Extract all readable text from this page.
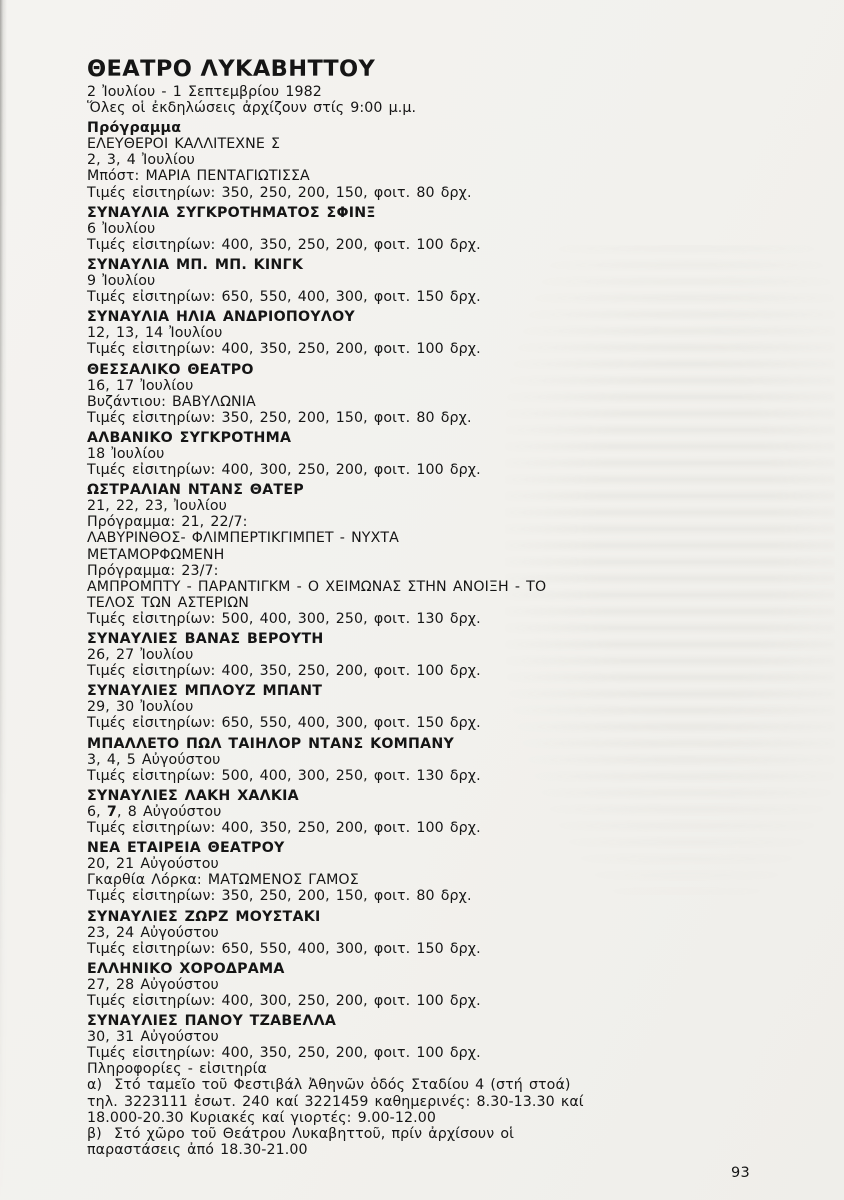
ΘΕΑΤΡΟ ΛΥΚΑΒΗΤΤΟΥ
2 Ἰουλίου - 1 Σεπτεμβρίου 1982
Ὅλες οἱ ἐκδηλώσεις ἀρχίζουν στίς 9:00 μ.μ.
Πρόγραμμα
ΕΛΕΥΘΕΡΟΙ ΚΑΛΛΙΤΕΧΝΕ Σ
2, 3, 4 Ἰουλίου
Μπόστ: ΜΑΡΙΑ ΠΕΝΤΑΓΙΩΤΙΣΣΑ
Τιμές εἰσιτηρίων: 350, 250, 200, 150, φοιτ. 80 δρχ.
ΣΥΝΑΥΛΙΑ ΣΥΓΚΡΟΤΗΜΑΤΟΣ ΣΦΙΝΞ
6 Ἰουλίου
Τιμές εἰσιτηρίων: 400, 350, 250, 200, φοιτ. 100 δρχ.
ΣΥΝΑΥΛΙΑ ΜΠ. ΜΠ. ΚΙΝΓΚ
9 Ἰουλίου
Τιμές εἰσιτηρίων: 650, 550, 400, 300, φοιτ. 150 δρχ.
ΣΥΝΑΥΛΙΑ ΗΛΙΑ ΑΝΔΡΙΟΠΟΥΛΟΥ
12, 13, 14 Ἰουλίου
Τιμές εἰσιτηρίων: 400, 350, 250, 200, φοιτ. 100 δρχ.
ΘΕΣΣΑΛΙΚΟ ΘΕΑΤΡΟ
16, 17 Ἰουλίου
Βυζάντιου: ΒΑΒΥΛΩΝΙΑ
Τιμές εἰσιτηρίων: 350, 250, 200, 150, φοιτ. 80 δρχ.
ΑΛΒΑΝΙΚΟ ΣΥΓΚΡΟΤΗΜΑ
18 Ἰουλίου
Τιμές εἰσιτηρίων: 400, 300, 250, 200, φοιτ. 100 δρχ.
ΩΣΤΡΑΛΙΑΝ ΝΤΑΝΣ ΘΑΤΕΡ
21, 22, 23, Ἰουλίου
Πρόγραμμα: 21, 22/7:
ΛΑΒΥΡΙΝΘΟΣ- ΦΛΙΜΠΕΡΤΙΚΓΙΜΠΕΤ - ΝΥΧΤΑ
ΜΕΤΑΜΟΡΦΩΜΕΝΗ
Πρόγραμμα: 23/7:
ΑΜΠΡΟΜΠΤΥ - ΠΑΡΑΝΤΙΓΚΜ - Ο ΧΕΙΜΩΝΑΣ ΣΤΗΝ ΑΝΟΙΞΗ - ΤΟ
ΤΕΛΟΣ ΤΩΝ ΑΣΤΕΡΙΩΝ
Τιμές εἰσιτηρίων: 500, 400, 300, 250, φοιτ. 130 δρχ.
ΣΥΝΑΥΛΙΕΣ ΒΑΝΑΣ ΒΕΡΟΥΤΗ
26, 27 Ἰουλίου
Τιμές εἰσιτηρίων: 400, 350, 250, 200, φοιτ. 100 δρχ.
ΣΥΝΑΥΛΙΕΣ ΜΠΛΟΥΖ ΜΠΑΝΤ
29, 30 Ἰουλίου
Τιμές εἰσιτηρίων: 650, 550, 400, 300, φοιτ. 150 δρχ.
ΜΠΑΛΛΕΤΟ ΠΩΛ ΤΑΙΗΛΟΡ ΝΤΑΝΣ ΚΟΜΠΑΝΥ
3, 4, 5 Αὐγούστου
Τιμές εἰσιτηρίων: 500, 400, 300, 250, φοιτ. 130 δρχ.
ΣΥΝΑΥΛΙΕΣ ΛΑΚΗ ΧΑΛΚΙΑ
6, 7, 8 Αὐγούστου
Τιμές εἰσιτηρίων: 400, 350, 250, 200, φοιτ. 100 δρχ.
ΝΕΑ ΕΤΑΙΡΕΙΑ ΘΕΑΤΡΟΥ
20, 21 Αὐγούστου
Γκαρθία Λόρκα: ΜΑΤΩΜΕΝΟΣ ΓΑΜΟΣ
Τιμές εἰσιτηρίων: 350, 250, 200, 150, φοιτ. 80 δρχ.
ΣΥΝΑΥΛΙΕΣ ΖΩΡΖ ΜΟΥΣΤΑΚΙ
23, 24 Αὐγούστου
Τιμές εἰσιτηρίων: 650, 550, 400, 300, φοιτ. 150 δρχ.
ΕΛΛΗΝΙΚΟ ΧΟΡΟΔΡΑΜΑ
27, 28 Αὐγούστου
Τιμές εἰσιτηρίων: 400, 300, 250, 200, φοιτ. 100 δρχ.
ΣΥΝΑΥΛΙΕΣ ΠΑΝΟΥ ΤΖΑΒΕΛΛΑ
30, 31 Αὐγούστου
Τιμές εἰσιτηρίων: 400, 350, 250, 200, φοιτ. 100 δρχ.
Πληροφορίες - εἰσιτηρία
α)  Στό ταμεῖο τοῦ Φεστιβάλ Ἀθηνῶν ὁδός Σταδίου 4 (στή στοά)
τηλ. 3223111 ἐσωτ. 240 καί 3221459 καθημερινές: 8.30-13.30 καί
18.000-20.30 Κυριακές καί γιορτές: 9.00-12.00
β)  Στό χῶρο τοῦ Θεάτρου Λυκαβηττοῦ, πρίν ἀρχίσουν οἱ
παραστάσεις ἀπό 18.30-21.00
93
